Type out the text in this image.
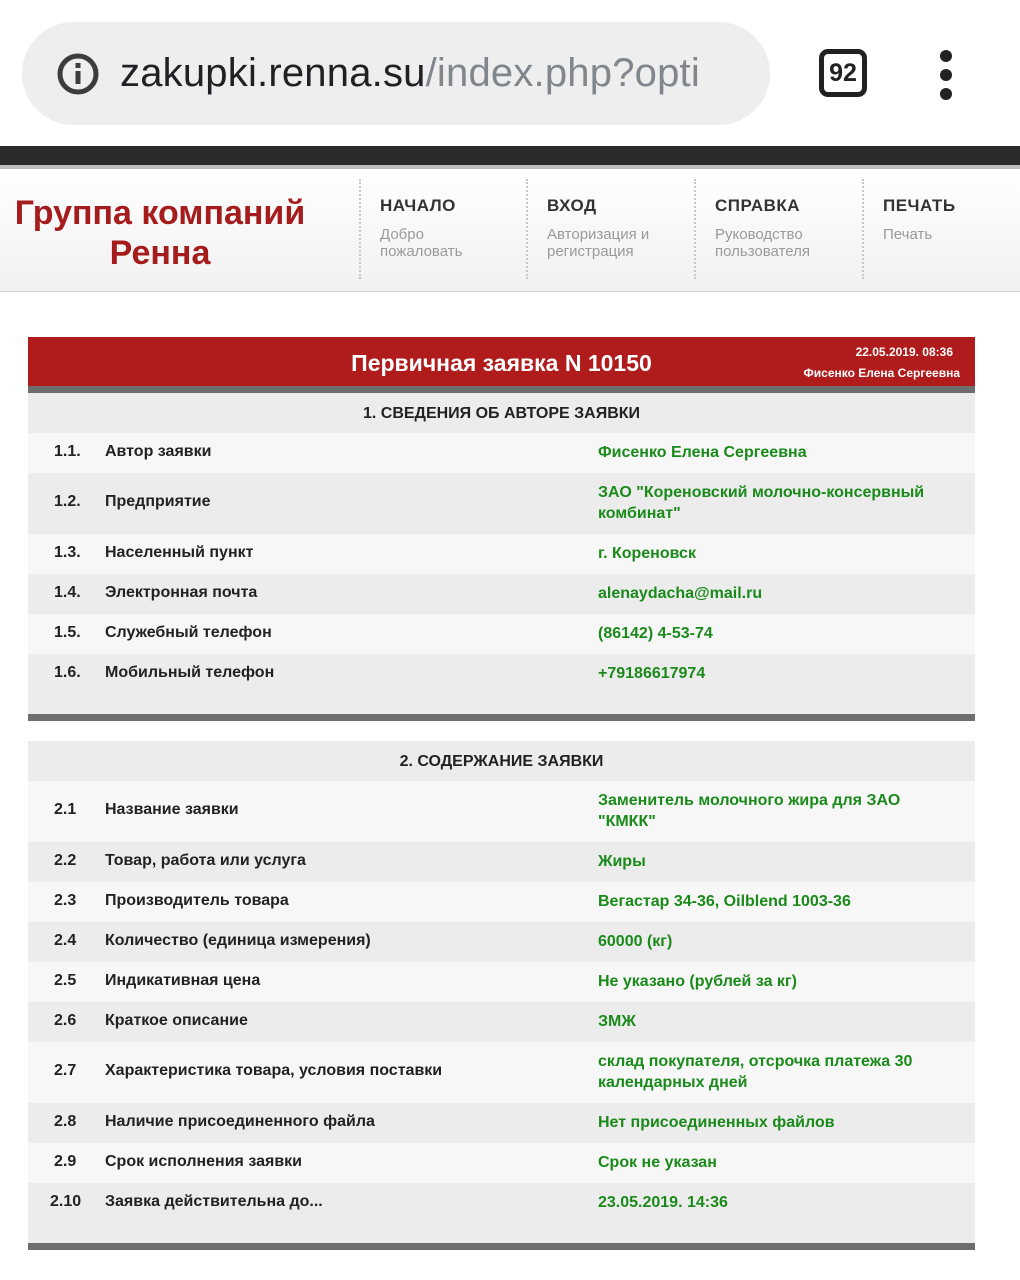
zakupki.renna.su/index.php?opti	92
Группа компаний Ренна
НАЧАЛО
Добро пожаловать
ВХОД
Авторизация и регистрация
СПРАВКА
Руководство пользователя
ПЕЧАТЬ
Печать
Первичная заявка N 10150	22.05.2019. 08:36
Фисенко Елена Сергеевна
1. СВЕДЕНИЯ ОБ АВТОРЕ ЗАЯВКИ
1.1. Автор заявки	Фисенко Елена Сергеевна
1.2. Предприятие
ЗАО "Кореновский молочно-консервный комбинат"
1.3. Населенный пункт	г. Кореновск
1.4. Электронная почта	alenaydacha@mail.ru
1.5. Служебный телефон	(86142) 4-53-74
1.6. Мобильный телефон	+79186617974
2. СОДЕРЖАНИЕ ЗАЯВКИ
2.1 Название заявки
Заменитель молочного жира для ЗАО "КМКК"
2.2 Товар, работа или услуга	Жиры
2.3 Производитель товара	Вегастар 34-36, Oilblend 1003-36
2.4 Количество (единица измерения)	60000 (кг)
2.5 Индикативная цена	Не указано (рублей за кг)
2.6 Краткое описание	ЗМЖ
2.7 Характеристика товара, условия поставки
склад покупателя, отсрочка платежа 30 календарных дней
2.8 Наличие присоединенного файла	Нет присоединенных файлов
2.9 Срок исполнения заявки	Срок не указан
2.10 Заявка действительна до...	23.05.2019. 14:36
